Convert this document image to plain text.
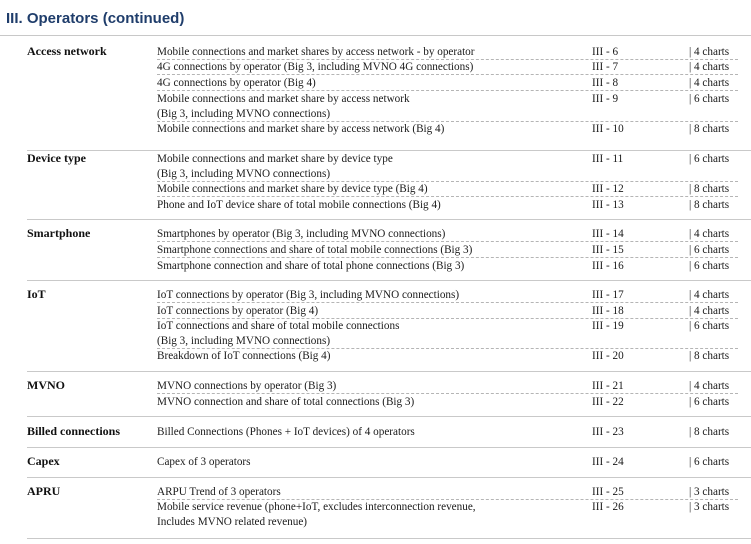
III. Operators (continued)
Access network	Mobile connections and market shares by access network - by operator	III - 6	| 4 charts
4G connections by operator (Big 3, including MVNO 4G connections)	III - 7	| 4 charts
4G connections by operator (Big 4)	III - 8	| 4 charts
Mobile connections and market share by access network
(Big 3, including MVNO connections)
III - 9	| 6 charts
Mobile connections and market share by access network (Big 4)	III - 10	| 8 charts
Device type	Mobile connections and market share by device type
(Big 3, including MVNO connections)
III - 11	| 6 charts
Mobile connections and market share by device type (Big 4)	III - 12	| 8 charts
Phone and IoT device share of total mobile connections (Big 4)	III - 13	| 8 charts
Smartphone	Smartphones by operator (Big 3, including MVNO connections)	III - 14	| 4 charts
Smartphone connections and share of total mobile connections (Big 3)	III - 15	| 6 charts
Smartphone connection and share of total phone connections (Big 3)	III - 16	| 6 charts
IoT	IoT connections by operator (Big 3, including MVNO connections)	III - 17	| 4 charts
IoT connections by operator (Big 4)	III - 18	| 4 charts
IoT connections and share of total mobile connections
(Big 3, including MVNO connections)
III - 19	| 6 charts
Breakdown of IoT connections (Big 4)	III - 20	| 8 charts
MVNO	MVNO connections by operator (Big 3)	III - 21	| 4 charts
MVNO connection and share of total connections (Big 3)	III - 22	| 6 charts
Billed connections	Billed Connections (Phones + IoT devices) of 4 operators	III - 23	| 8 charts
Capex	Capex of 3 operators	III - 24	| 6 charts
APRU	ARPU Trend of 3 operators	III - 25	| 3 charts
Mobile service revenue (phone+IoT, excludes interconnection revenue,
Includes MVNO related revenue)
III - 26	| 3 charts
